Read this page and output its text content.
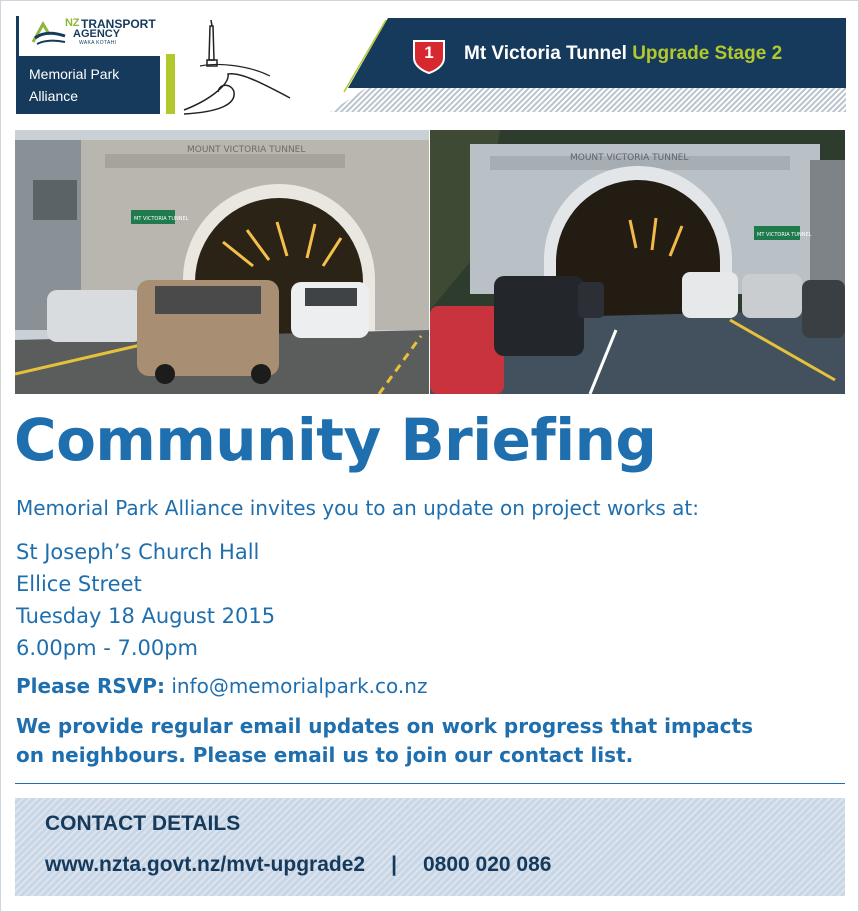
NZ TRANSPORT
AGENCY
WAKA KOTAHI
Memorial Park Alliance
1	Mt Victoria Tunnel Upgrade Stage 2
MOUNT VICTORIA TUNNEL
MT VICTORIA TUNNEL
MOUNT VICTORIA TUNNEL
MT VICTORIA TUNNEL
Community Briefing
Memorial Park Alliance invites you to an update on project works at:
St Joseph’s Church Hall
Ellice Street
Tuesday 18 August 2015
6.00pm - 7.00pm
Please RSVP: info@memorialpark.co.nz
We provide regular email updates on work progress that impacts on neighbours. Please email us to join our contact list.
CONTACT DETAILS
www.nzta.govt.nz/mvt-upgrade2 | 0800 020 086
